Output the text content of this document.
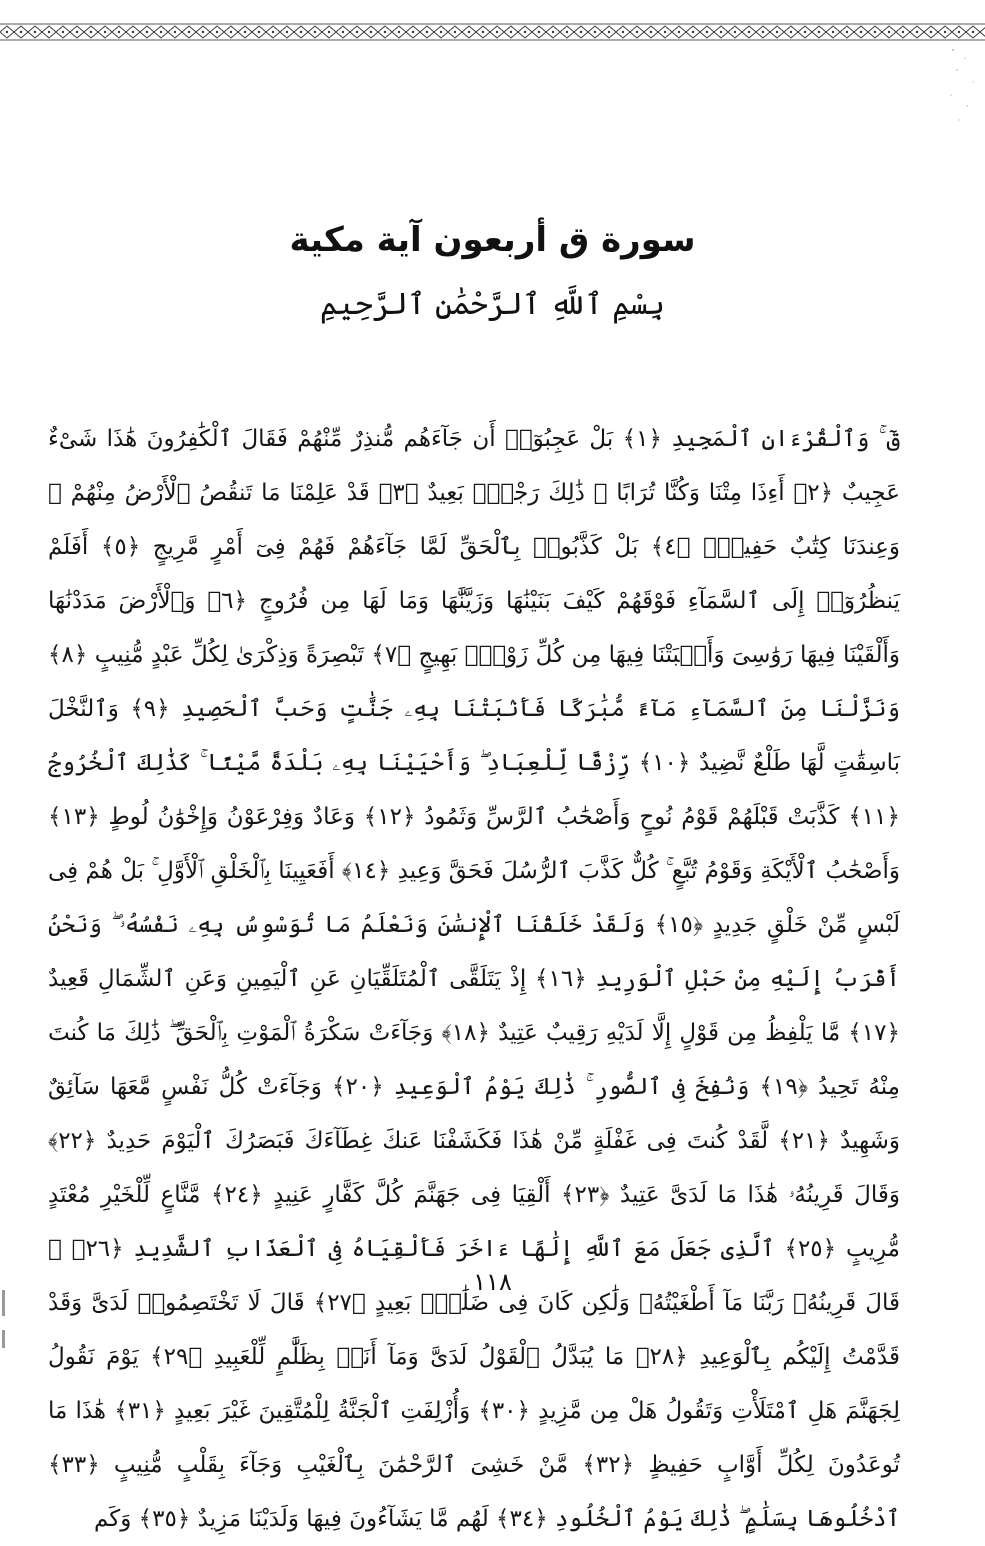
سورة ق أربعون آية مكية
بِسْمِ ٱللَّهِ ٱلرَّحْمَٰنِ ٱلرَّحِيمِ
قٓ ۚ وَٱلْقُرْءَانِ ٱلْمَجِيدِ ﴿١﴾ بَلْ عَجِبُوٓا۟ أَن جَآءَهُم مُّنذِرٌ مِّنْهُمْ فَقَالَ ٱلْكَٰفِرُونَ هَٰذَا شَىْءٌ عَجِيبٌ ﴿٢﴾ أَءِذَا مِتْنَا وَكُنَّا تُرَابًا ۖ ذَٰلِكَ رَجْعٌۢ بَعِيدٌ ﴿٣﴾ قَدْ عَلِمْنَا مَا تَنقُصُ ٱلْأَرْضُ مِنْهُمْ ۖ وَعِندَنَا كِتَٰبٌ حَفِيظٌۢ ﴿٤﴾ بَلْ كَذَّبُوا۟ بِٱلْحَقِّ لَمَّا جَآءَهُمْ فَهُمْ فِىٓ أَمْرٍ مَّرِيجٍ ﴿٥﴾ أَفَلَمْ يَنظُرُوٓا۟ إِلَى ٱلسَّمَآءِ فَوْقَهُمْ كَيْفَ بَنَيْنَٰهَا وَزَيَّنَّٰهَا وَمَا لَهَا مِن فُرُوجٍ ﴿٦﴾ وَٱلْأَرْضَ مَدَدْنَٰهَا وَأَلْقَيْنَا فِيهَا رَوَٰسِىَ وَأَنۢبَتْنَا فِيهَا مِن كُلِّ زَوْجٍۭ بَهِيجٍ ﴿٧﴾ تَبْصِرَةً وَذِكْرَىٰ لِكُلِّ عَبْدٍ مُّنِيبٍ ﴿٨﴾ وَنَزَّلْنَا مِنَ ٱلسَّمَآءِ مَآءً مُّبَٰرَكًا فَأَنۢبَتْنَا بِهِۦ جَنَّٰتٍ وَحَبَّ ٱلْحَصِيدِ ﴿٩﴾ وَٱلنَّخْلَ بَاسِقَٰتٍ لَّهَا طَلْعٌ نَّضِيدٌ ﴿١٠﴾ رِّزْقًا لِّلْعِبَادِ ۖ وَأَحْيَيْنَا بِهِۦ بَلْدَةً مَّيْتًا ۚ كَذَٰلِكَ ٱلْخُرُوجُ ﴿١١﴾ كَذَّبَتْ قَبْلَهُمْ قَوْمُ نُوحٍ وَأَصْحَٰبُ ٱلرَّسِّ وَثَمُودُ ﴿١٢﴾ وَعَادٌ وَفِرْعَوْنُ وَإِخْوَٰنُ لُوطٍ ﴿١٣﴾ وَأَصْحَٰبُ ٱلْأَيْكَةِ وَقَوْمُ تُبَّعٍ ۚ كُلٌّ كَذَّبَ ٱلرُّسُلَ فَحَقَّ وَعِيدِ ﴿١٤﴾ أَفَعَيِينَا بِٱلْخَلْقِ ٱلْأَوَّلِ ۚ بَلْ هُمْ فِى لَبْسٍ مِّنْ خَلْقٍ جَدِيدٍ ﴿١٥﴾ وَلَقَدْ خَلَقْنَا ٱلْإِنسَٰنَ وَنَعْلَمُ مَا تُوَسْوِسُ بِهِۦ نَفْسُهُۥ ۖ وَنَحْنُ أَقْرَبُ إِلَيْهِ مِنْ حَبْلِ ٱلْوَرِيدِ ﴿١٦﴾ إِذْ يَتَلَقَّى ٱلْمُتَلَقِّيَانِ عَنِ ٱلْيَمِينِ وَعَنِ ٱلشِّمَالِ قَعِيدٌ ﴿١٧﴾ مَّا يَلْفِظُ مِن قَوْلٍ إِلَّا لَدَيْهِ رَقِيبٌ عَتِيدٌ ﴿١٨﴾ وَجَآءَتْ سَكْرَةُ ٱلْمَوْتِ بِٱلْحَقِّ ۖ ذَٰلِكَ مَا كُنتَ مِنْهُ تَحِيدُ ﴿١٩﴾ وَنُفِخَ فِى ٱلصُّورِ ۚ ذَٰلِكَ يَوْمُ ٱلْوَعِيدِ ﴿٢٠﴾ وَجَآءَتْ كُلُّ نَفْسٍ مَّعَهَا سَآئِقٌ وَشَهِيدٌ ﴿٢١﴾ لَّقَدْ كُنتَ فِى غَفْلَةٍ مِّنْ هَٰذَا فَكَشَفْنَا عَنكَ غِطَآءَكَ فَبَصَرُكَ ٱلْيَوْمَ حَدِيدٌ ﴿٢٢﴾ وَقَالَ قَرِينُهُۥ هَٰذَا مَا لَدَىَّ عَتِيدٌ ﴿٢٣﴾ أَلْقِيَا فِى جَهَنَّمَ كُلَّ كَفَّارٍ عَنِيدٍ ﴿٢٤﴾ مَّنَّاعٍ لِّلْخَيْرِ مُعْتَدٍ مُّرِيبٍ ﴿٢٥﴾ ٱلَّذِى جَعَلَ مَعَ ٱللَّهِ إِلَٰهًا ءَاخَرَ فَأَلْقِيَاهُ فِى ٱلْعَذَابِ ٱلشَّدِيدِ ﴿٢٦﴾ ۞ قَالَ قَرِينُهُۥ رَبَّنَا مَآ أَطْغَيْتُهُۥ وَلَٰكِن كَانَ فِى ضَلَٰلٍۭ بَعِيدٍ ﴿٢٧﴾ قَالَ لَا تَخْتَصِمُوا۟ لَدَىَّ وَقَدْ قَدَّمْتُ إِلَيْكُم بِٱلْوَعِيدِ ﴿٢٨﴾ مَا يُبَدَّلُ ٱلْقَوْلُ لَدَىَّ وَمَآ أَنَا۠ بِظَلَّٰمٍ لِّلْعَبِيدِ ﴿٢٩﴾ يَوْمَ نَقُولُ لِجَهَنَّمَ هَلِ ٱمْتَلَأْتِ وَتَقُولُ هَلْ مِن مَّزِيدٍ ﴿٣٠﴾ وَأُزْلِفَتِ ٱلْجَنَّةُ لِلْمُتَّقِينَ غَيْرَ بَعِيدٍ ﴿٣١﴾ هَٰذَا مَا تُوعَدُونَ لِكُلِّ أَوَّابٍ حَفِيظٍ ﴿٣٢﴾ مَّنْ خَشِىَ ٱلرَّحْمَٰنَ بِٱلْغَيْبِ وَجَآءَ بِقَلْبٍ مُّنِيبٍ ﴿٣٣﴾ ٱدْخُلُوهَا بِسَلَٰمٍ ۖ ذَٰلِكَ يَوْمُ ٱلْخُلُودِ ﴿٣٤﴾ لَهُم مَّا يَشَآءُونَ فِيهَا وَلَدَيْنَا مَزِيدٌ ﴿٣٥﴾ وَكَم
١١٨
